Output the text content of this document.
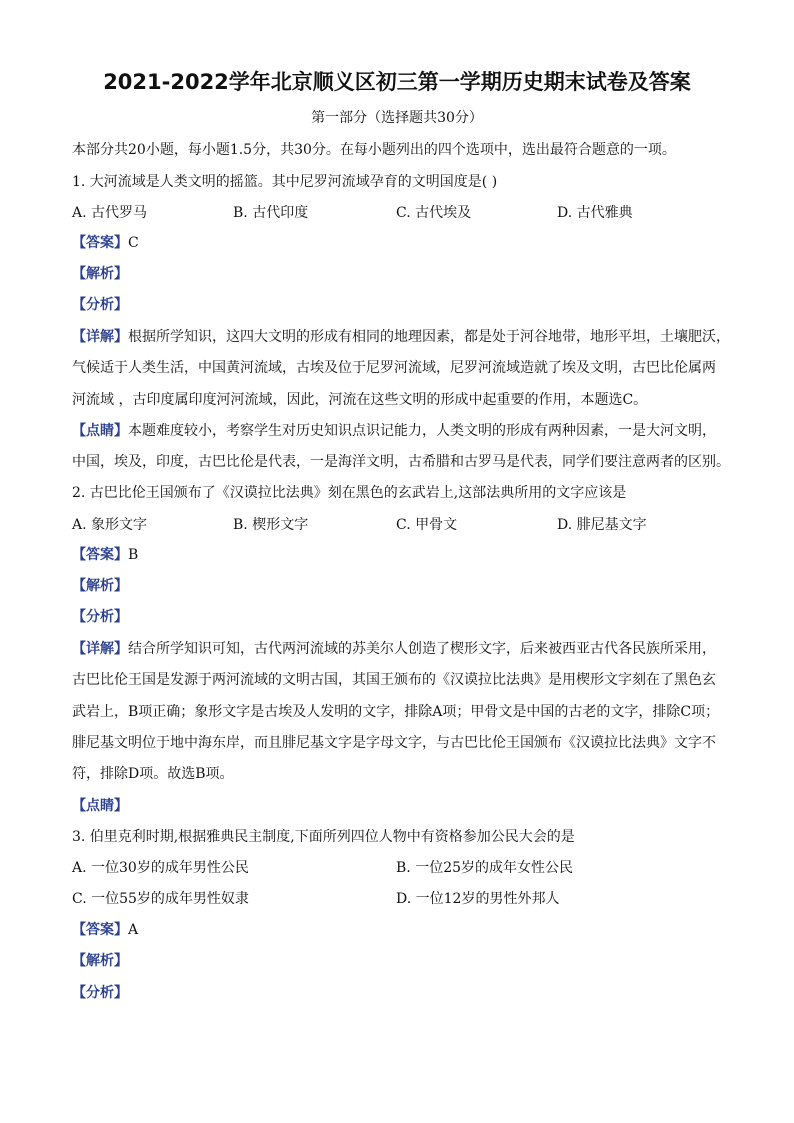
2021-2022学年北京顺义区初三第一学期历史期末试卷及答案
第一部分（选择题共30分）
本部分共20小题，每小题1.5分，共30分。在每小题列出的四个选项中，选出最符合题意的一项。
1. 大河流域是人类文明的摇篮。其中尼罗河流域孕育的文明国度是( )
A. 古代罗马	B. 古代印度	C. 古代埃及	D. 古代雅典
【答案】C
【解析】
【分析】
【详解】根据所学知识，这四大文明的形成有相同的地理因素，都是处于河谷地带，地形平坦，土壤肥沃，
气候适于人类生活，中国黄河流域，古埃及位于尼罗河流域，尼罗河流域造就了埃及文明，古巴比伦属两
河流域 ，古印度属印度河河流域，因此，河流在这些文明的形成中起重要的作用，本题选C。
【点睛】本题难度较小，考察学生对历史知识点识记能力，人类文明的形成有两种因素，一是大河文明，
中国，埃及，印度，古巴比伦是代表，一是海洋文明，古希腊和古罗马是代表，同学们要注意两者的区别。
2. 古巴比伦王国颁布了《汉谟拉比法典》刻在黑色的玄武岩上,这部法典所用的文字应该是
A. 象形文字	B. 楔形文字	C. 甲骨文	D. 腓尼基文字
【答案】B
【解析】
【分析】
【详解】结合所学知识可知，古代两河流域的苏美尔人创造了楔形文字，后来被西亚古代各民族所采用，
古巴比伦王国是发源于两河流域的文明古国，其国王颁布的《汉谟拉比法典》是用楔形文字刻在了黑色玄
武岩上，B项正确；象形文字是古埃及人发明的文字，排除A项；甲骨文是中国的古老的文字，排除C项；
腓尼基文明位于地中海东岸，而且腓尼基文字是字母文字，与古巴比伦王国颁布《汉谟拉比法典》文字不
符，排除D项。故选B项。
【点睛】
3. 伯里克利时期,根据雅典民主制度,下面所列四位人物中有资格参加公民大会的是
A. 一位30岁的成年男性公民	B. 一位25岁的成年女性公民
C. 一位55岁的成年男性奴隶	D. 一位12岁的男性外邦人
【答案】A
【解析】
【分析】
